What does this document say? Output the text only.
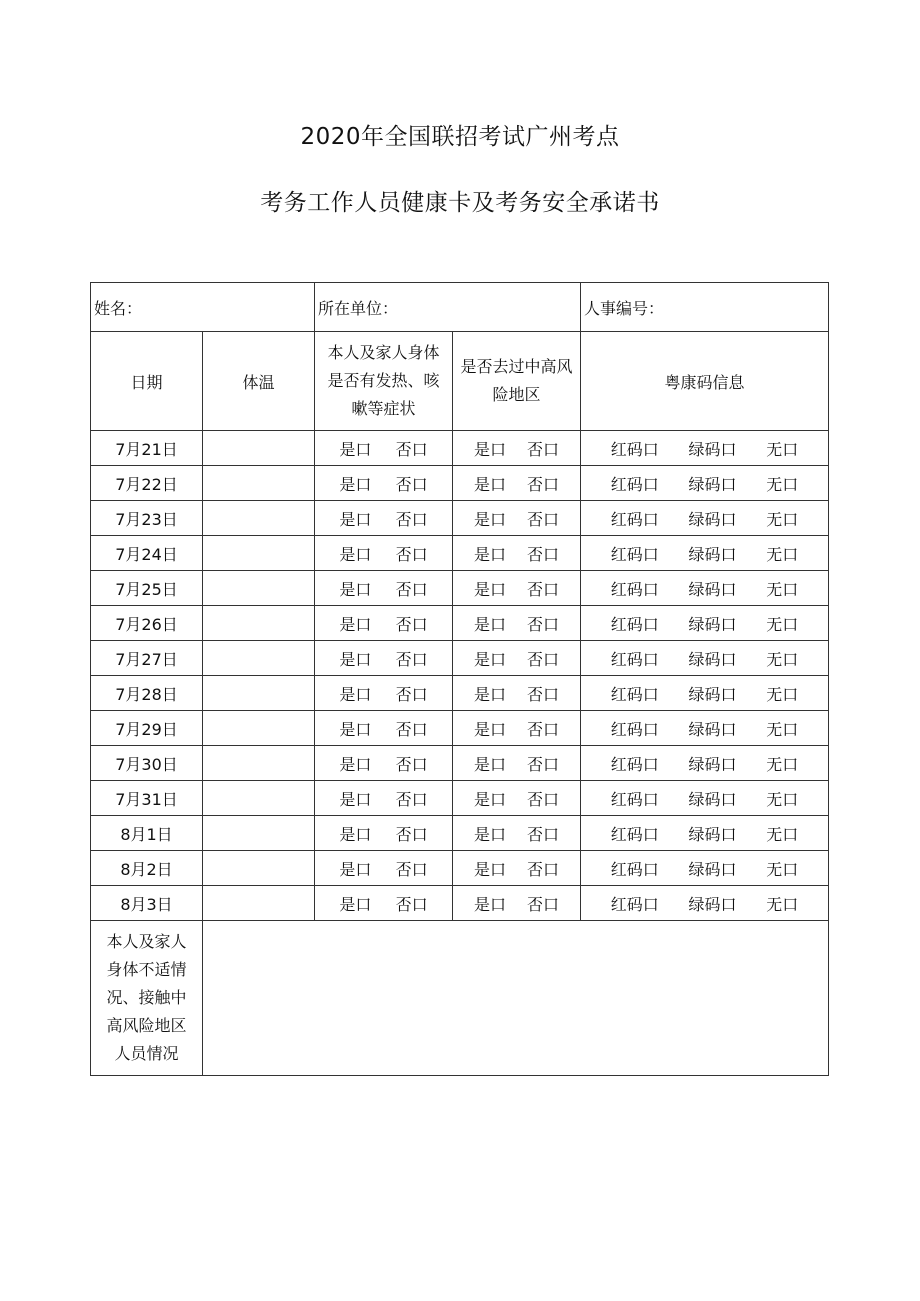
2020年全国联招考试广州考点
考务工作人员健康卡及考务安全承诺书
姓名：		所在单位：		人事编号：
日期	体温	本人及家人身体是否有发热、咳嗽等症状	是否去过中高风险地区	粤康码信息
7月21日		是口 否口	是口 否口	红码口 绿码口 无口

7月22日		是口 否口	是口 否口	红码口 绿码口 无口

7月23日		是口 否口	是口 否口	红码口 绿码口 无口

7月24日		是口 否口	是口 否口	红码口 绿码口 无口

7月25日		是口 否口	是口 否口	红码口 绿码口 无口

7月26日		是口 否口	是口 否口	红码口 绿码口 无口

7月27日		是口 否口	是口 否口	红码口 绿码口 无口

7月28日		是口 否口	是口 否口	红码口 绿码口 无口

7月29日		是口 否口	是口 否口	红码口 绿码口 无口

7月30日		是口 否口	是口 否口	红码口 绿码口 无口

7月31日		是口 否口	是口 否口	红码口 绿码口 无口

8月1日		是口 否口	是口 否口	红码口 绿码口 无口

8月2日		是口 否口	是口 否口	红码口 绿码口 无口

8月3日		是口 否口	是口 否口	红码口 绿码口 无口

本人及家人身体不适情况、接触中高风险地区人员情况				
